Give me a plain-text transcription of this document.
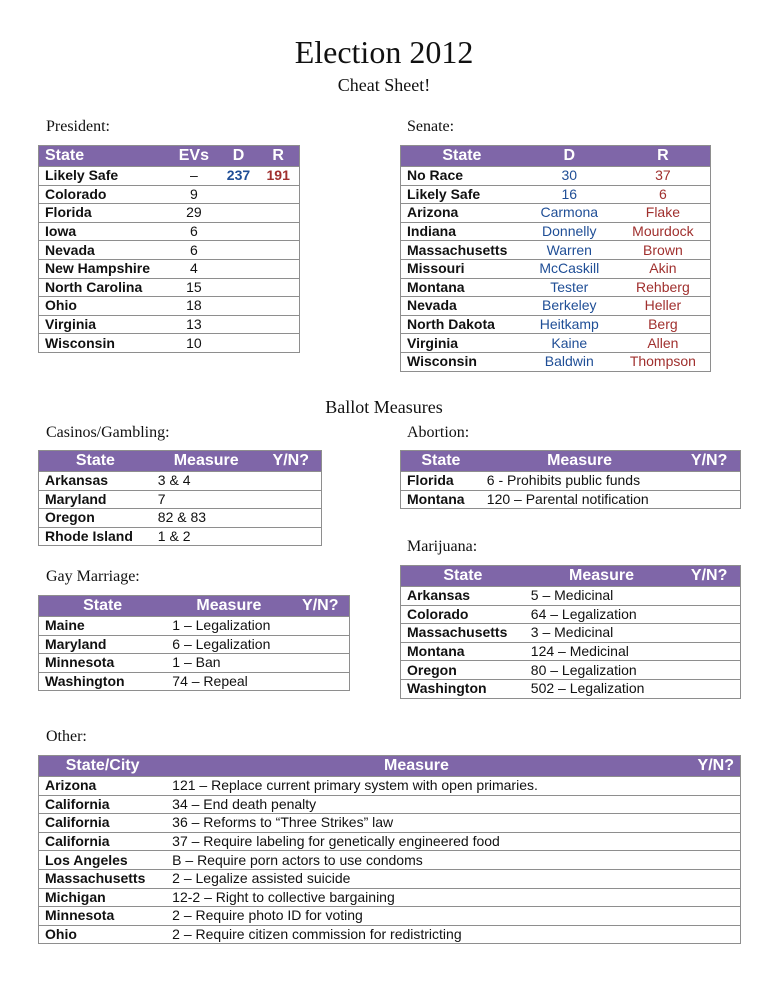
Election 2012
Cheat Sheet!
President:
State	EVs	D	R
Likely Safe	–	237	191
Colorado	9		
Florida	29		
Iowa	6		
Nevada	6		
New Hampshire	4		
North Carolina	15		
Ohio	18		
Virginia	13		
Wisconsin	10		
Senate:
State	D	R
No Race	30	37
Likely Safe	16	6
Arizona	Carmona	Flake
Indiana	Donnelly	Mourdock
Massachusetts	Warren	Brown
Missouri	McCaskill	Akin
Montana	Tester	Rehberg
Nevada	Berkeley	Heller
North Dakota	Heitkamp	Berg
Virginia	Kaine	Allen
Wisconsin	Baldwin	Thompson
Ballot Measures
Casinos/Gambling:
State	Measure	Y/N?
Arkansas	3 & 4	
Maryland	7	
Oregon	82 & 83	
Rhode Island	1 & 2	
Abortion:
State	Measure	Y/N?
Florida	6 - Prohibits public funds	
Montana	120 – Parental notification	
Marijuana:
State	Measure	Y/N?
Arkansas	5 – Medicinal	
Colorado	64 – Legalization	
Massachusetts	3 – Medicinal	
Montana	124 – Medicinal	
Oregon	80 – Legalization	
Washington	502 – Legalization	
Gay Marriage:
State	Measure	Y/N?
Maine	1 – Legalization	
Maryland	6 – Legalization	
Minnesota	1 – Ban	
Washington	74 – Repeal	
Other:
State/City	Measure	Y/N?
Arizona	121 – Replace current primary system with open primaries.	
California	34 – End death penalty	
California	36 – Reforms to “Three Strikes” law	
California	37 – Require labeling for genetically engineered food	
Los Angeles	B – Require porn actors to use condoms	
Massachusetts	2 – Legalize assisted suicide	
Michigan	12-2 – Right to collective bargaining	
Minnesota	2 – Require photo ID for voting	
Ohio	2 – Require citizen commission for redistricting	
